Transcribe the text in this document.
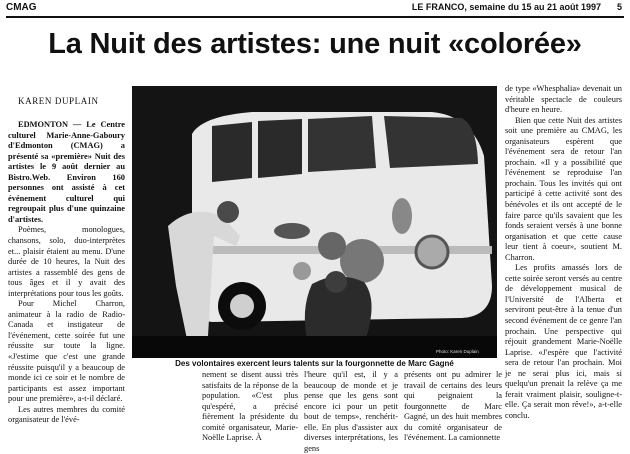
CMAG	LE FRANCO, semaine du 15 au 21 août 1997 5
La Nuit des artistes: une nuit «colorée»
KAREN DUPLAIN

EDMONTON — Le Centre culturel Marie-Anne-Gaboury d'Edmonton (CMAG) a présenté sa «première» Nuit des artistes le 9 août dernier au Bistro.Web. Environ 160 personnes ont assisté à cet événement culturel qui regroupait plus d'une quinzaine d'artistes.

Poèmes, monologues, chansons, solo, duo-interprètes et... plaisir étaient au menu. D'une durée de 10 heures, la Nuit des artistes a rassemblé des gens de tous âges et il y avait des interprétations pour tous les goûts.

Pour Michel Charron, animateur à la radio de Radio-Canada et instigateur de l'événement, cette soirée fut une réussite sur toute la ligne. «J'estime que c'est une grande réussite puisqu'il y a beaucoup de monde ici ce soir et le nombre de participants est assez important pour une première», a-t-il déclaré.

Les autres membres du comité organisateur de l'évé-

Photo: Karen Duplain
Des volontaires exercent leurs talents sur la fourgonnette de Marc Gagné

nement se disent aussi très satisfaits de la réponse de la population. «C'est plus qu'espéré, a précisé fièrement la présidente du comité organisateur, Marie-Noëlle Laprise. À

l'heure qu'il est, il y a beaucoup de monde et je pense que les gens sont encore ici pour un petit bout de temps», renchérit-elle. En plus d'assister aux diverses interprétations, les gens

présents ont pu admirer le travail de certains des leurs qui peignaient la fourgonnette de Marc Gagné, un des huit membres du comité organisateur de l'événement. La camionnette

de type «Whesphalia» devenait un véritable spectacle de couleurs d'heure en heure.

Bien que cette Nuit des artistes soit une première au CMAG, les organisateurs espèrent que l'événement sera de retour l'an prochain. «Il y a possibilité que l'événement se reproduise l'an prochain. Tous les invités qui ont participé à cette activité sont des bénévoles et ils ont accepté de le faire parce qu'ils savaient que les fonds seraient versés à une bonne organisation et que cette cause leur tient à coeur», soutient M. Charron.

Les profits amassés lors de cette soirée seront versés au centre de développement musical de l'Université de l'Alberta et serviront peut-être à la tenue d'un second événement de ce genre l'an prochain. Une perspective qui réjouit grandement Marie-Noëlle Laprise. «J'espère que l'activité sera de retour l'an prochain. Moi je ne serai plus ici, mais si quelqu'un prenait la relève ça me ferait vraiment plaisir, souligne-t-elle. Ça serait mon rêve!», a-t-elle conclu.
